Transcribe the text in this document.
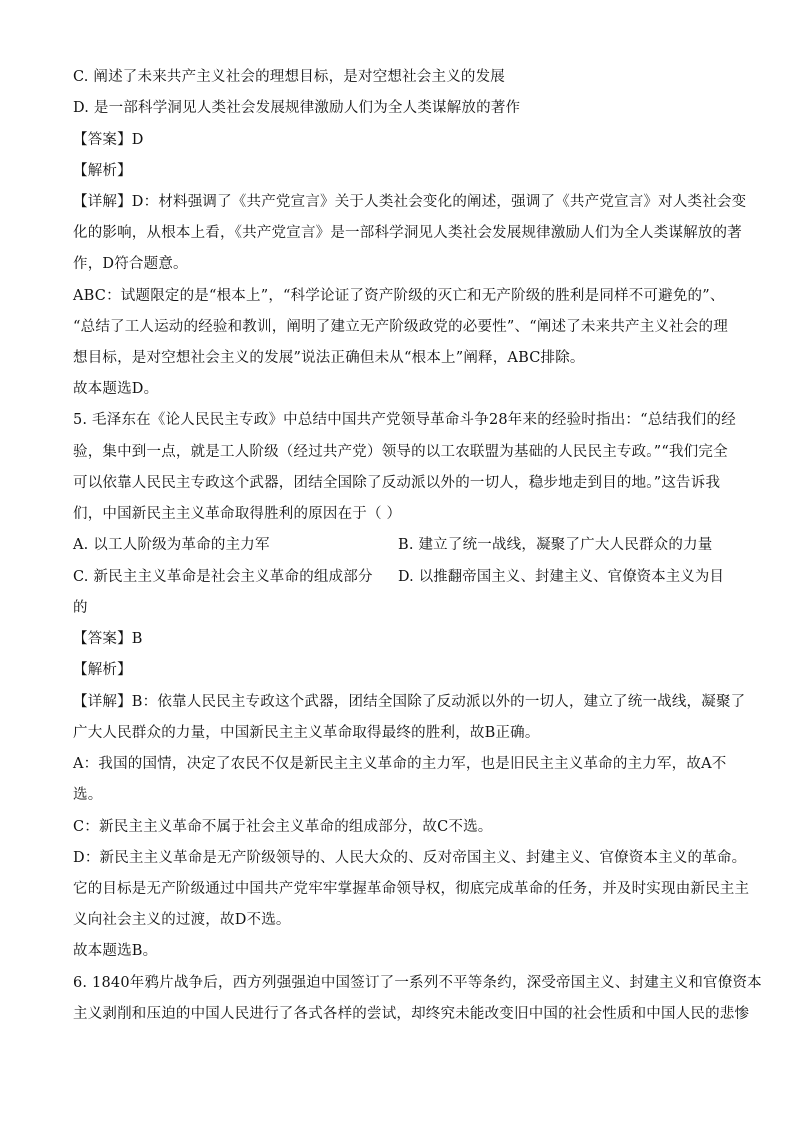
C. 阐述了未来共产主义社会的理想目标，是对空想社会主义的发展
D. 是一部科学洞见人类社会发展规律激励人们为全人类谋解放的著作
【答案】D
【解析】
【详解】D：材料强调了《共产党宣言》关于人类社会变化的阐述，强调了《共产党宣言》对人类社会变
化的影响，从根本上看，《共产党宣言》是一部科学洞见人类社会发展规律激励人们为全人类谋解放的著
作，D符合题意。
ABC：试题限定的是“根本上”，“科学论证了资产阶级的灭亡和无产阶级的胜利是同样不可避免的”、
“总结了工人运动的经验和教训，阐明了建立无产阶级政党的必要性”、“阐述了未来共产主义社会的理
想目标，是对空想社会主义的发展”说法正确但未从“根本上”阐释，ABC排除。
故本题选D。
5. 毛泽东在《论人民民主专政》中总结中国共产党领导革命斗争28年来的经验时指出：“总结我们的经
验，集中到一点，就是工人阶级（经过共产党）领导的以工农联盟为基础的人民民主专政。”“我们完全
可以依靠人民民主专政这个武器，团结全国除了反动派以外的一切人，稳步地走到目的地。”这告诉我
们，中国新民主主义革命取得胜利的原因在于（ ）
A. 以工人阶级为革命的主力军	B. 建立了统一战线，凝聚了广大人民群众的力量
C. 新民主主义革命是社会主义革命的组成部分 D. 以推翻帝国主义、封建主义、官僚资本主义为目
的
【答案】B
【解析】
【详解】B：依靠人民民主专政这个武器，团结全国除了反动派以外的一切人，建立了统一战线，凝聚了
广大人民群众的力量，中国新民主主义革命取得最终的胜利，故B正确。
A：我国的国情，决定了农民不仅是新民主主义革命的主力军，也是旧民主主义革命的主力军，故A不
选。
C：新民主主义革命不属于社会主义革命的组成部分，故C不选。
D：新民主主义革命是无产阶级领导的、人民大众的、反对帝国主义、封建主义、官僚资本主义的革命。
它的目标是无产阶级通过中国共产党牢牢掌握革命领导权，彻底完成革命的任务，并及时实现由新民主主
义向社会主义的过渡，故D不选。
故本题选B。
6. 1840年鸦片战争后，西方列强强迫中国签订了一系列不平等条约，深受帝国主义、封建主义和官僚资本
主义剥削和压迫的中国人民进行了各式各样的尝试，却终究未能改变旧中国的社会性质和中国人民的悲惨
